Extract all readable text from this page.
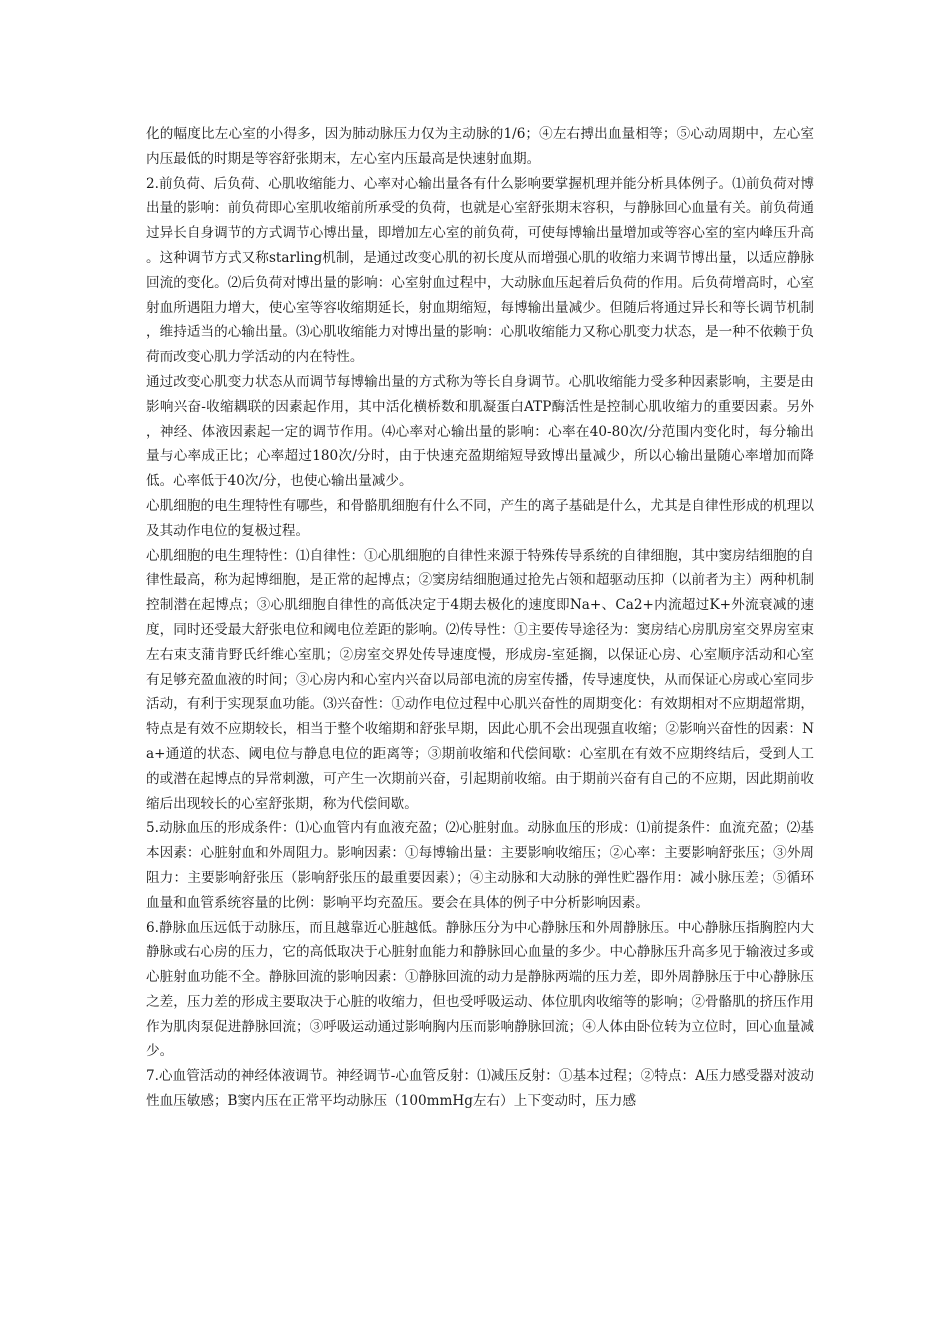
化的幅度比左心室的小得多，因为肺动脉压力仅为主动脉的1/6；④左右搏出血量相等；⑤心动周期中，左心室内压最低的时期是等容舒张期末，左心室内压最高是快速射血期。

2.前负荷、后负荷、心肌收缩能力、心率对心输出量各有什么影响要掌握机理并能分析具体例子。⑴前负荷对博出量的影响：前负荷即心室肌收缩前所承受的负荷，也就是心室舒张期末容积，与静脉回心血量有关。前负荷通过异长自身调节的方式调节心博出量，即增加左心室的前负荷，可使每博输出量增加或等容心室的室内峰压升高。这种调节方式又称starling机制，是通过改变心肌的初长度从而增强心肌的收缩力来调节博出量，以适应静脉回流的变化。⑵后负荷对博出量的影响：心室射血过程中，大动脉血压起着后负荷的作用。后负荷增高时，心室射血所遇阻力增大，使心室等容收缩期延长，射血期缩短，每博输出量减少。但随后将通过异长和等长调节机制，维持适当的心输出量。⑶心肌收缩能力对博出量的影响：心肌收缩能力又称心肌变力状态，是一种不依赖于负荷而改变心肌力学活动的内在特性。

通过改变心肌变力状态从而调节每博输出量的方式称为等长自身调节。心肌收缩能力受多种因素影响，主要是由影响兴奋-收缩耦联的因素起作用，其中活化横桥数和肌凝蛋白ATP酶活性是控制心肌收缩力的重要因素。另外，神经、体液因素起一定的调节作用。⑷心率对心输出量的影响：心率在40-80次/分范围内变化时，每分输出量与心率成正比；心率超过180次/分时，由于快速充盈期缩短导致博出量减少，所以心输出量随心率增加而降低。心率低于40次/分，也使心输出量减少。

心肌细胞的电生理特性有哪些，和骨骼肌细胞有什么不同，产生的离子基础是什么，尤其是自律性形成的机理以及其动作电位的复极过程。

心肌细胞的电生理特性：⑴自律性：①心肌细胞的自律性来源于特殊传导系统的自律细胞，其中窦房结细胞的自律性最高，称为起博细胞，是正常的起博点；②窦房结细胞通过抢先占领和超驱动压抑（以前者为主）两种机制控制潜在起博点；③心肌细胞自律性的高低决定于4期去极化的速度即Na+、Ca2+内流超过K+外流衰减的速度，同时还受最大舒张电位和阈电位差距的影响。⑵传导性：①主要传导途径为：窦房结心房肌房室交界房室束左右束支蒲肯野氏纤维心室肌；②房室交界处传导速度慢，形成房-室延搁，以保证心房、心室顺序活动和心室有足够充盈血液的时间；③心房内和心室内兴奋以局部电流的房室传播，传导速度快，从而保证心房或心室同步活动，有利于实现泵血功能。⑶兴奋性：①动作电位过程中心肌兴奋性的周期变化：有效期相对不应期超常期，特点是有效不应期较长，相当于整个收缩期和舒张早期，因此心肌不会出现强直收缩；②影响兴奋性的因素：Na+通道的状态、阈电位与静息电位的距离等；③期前收缩和代偿间歇：心室肌在有效不应期终结后，受到人工的或潜在起博点的异常刺激，可产生一次期前兴奋，引起期前收缩。由于期前兴奋有自己的不应期，因此期前收缩后出现较长的心室舒张期，称为代偿间歇。

5.动脉血压的形成条件：⑴心血管内有血液充盈；⑵心脏射血。动脉血压的形成：⑴前提条件：血流充盈；⑵基本因素：心脏射血和外周阻力。影响因素：①每博输出量：主要影响收缩压；②心率：主要影响舒张压；③外周阻力：主要影响舒张压（影响舒张压的最重要因素）；④主动脉和大动脉的弹性贮器作用：减小脉压差；⑤循环血量和血管系统容量的比例：影响平均充盈压。要会在具体的例子中分析影响因素。

6.静脉血压远低于动脉压，而且越靠近心脏越低。静脉压分为中心静脉压和外周静脉压。中心静脉压指胸腔内大静脉或右心房的压力，它的高低取决于心脏射血能力和静脉回心血量的多少。中心静脉压升高多见于输液过多或心脏射血功能不全。静脉回流的影响因素：①静脉回流的动力是静脉两端的压力差，即外周静脉压于中心静脉压之差，压力差的形成主要取决于心脏的收缩力，但也受呼吸运动、体位肌肉收缩等的影响；②骨骼肌的挤压作用作为肌肉泵促进静脉回流；③呼吸运动通过影响胸内压而影响静脉回流；④人体由卧位转为立位时，回心血量减少。

7.心血管活动的神经体液调节。神经调节-心血管反射：⑴减压反射：①基本过程；②特点：A压力感受器对波动性血压敏感；B窦内压在正常平均动脉压（100mmHg左右）上下变动时，压力感
